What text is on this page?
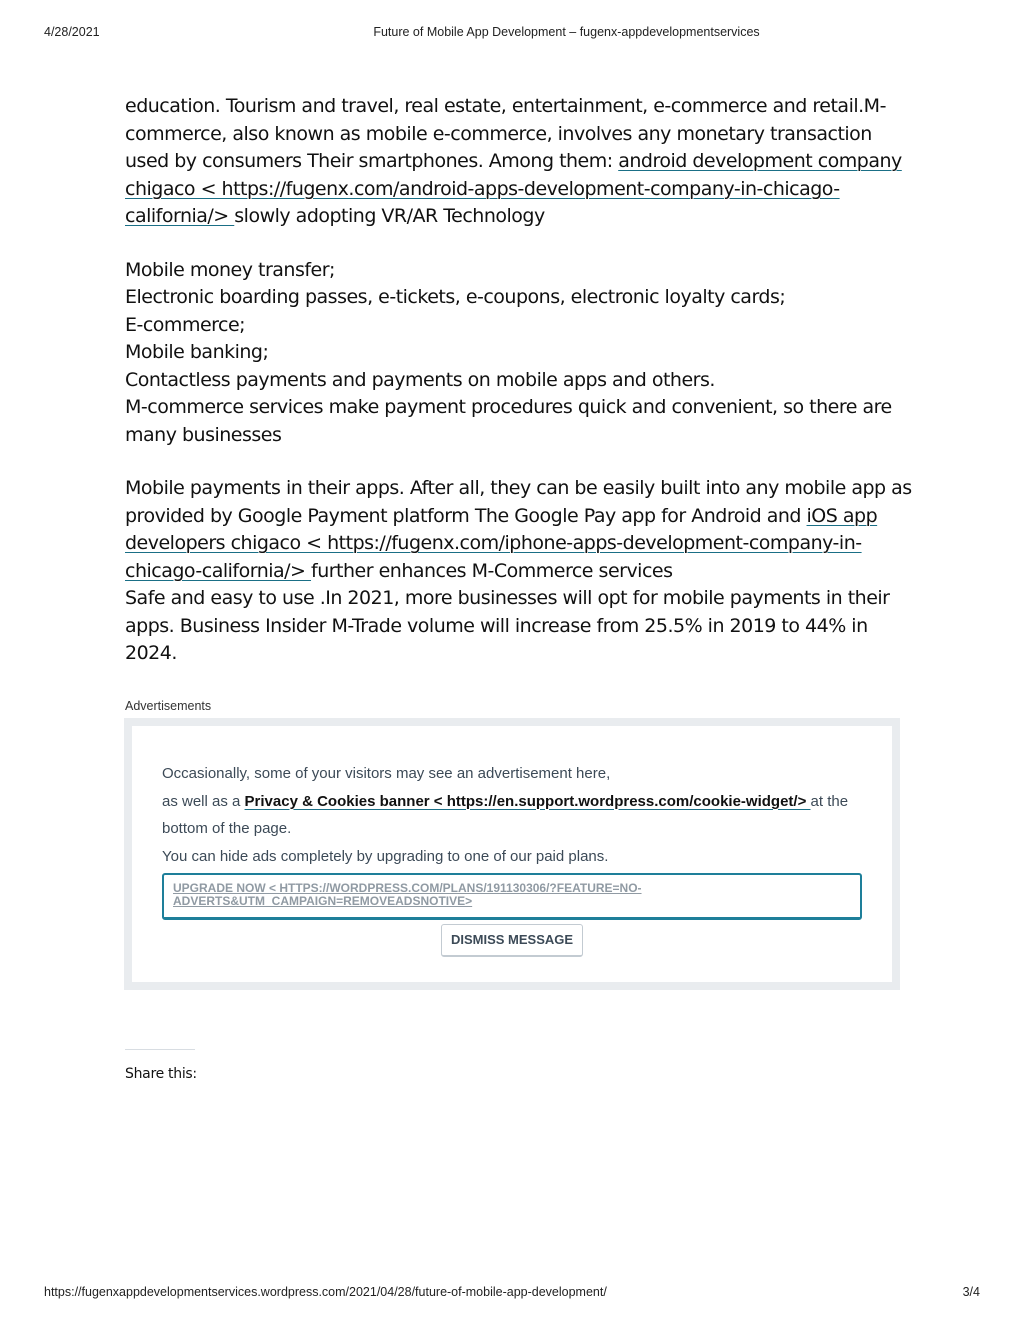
4/28/2021	Future of Mobile App Development – fugenx-appdevelopmentservices

education. Tourism and travel, real estate, entertainment, e-commerce and retail.M-commerce, also known as mobile e-commerce, involves any monetary transaction used by consumers Their smartphones. Among them: android development company chigaco < https://fugenx.com/android-apps-development-company-in-chicago-california/> slowly adopting VR/AR Technology

Mobile money transfer;
Electronic boarding passes, e-tickets, e-coupons, electronic loyalty cards;
E-commerce;
Mobile banking;
Contactless payments and payments on mobile apps and others.
M-commerce services make payment procedures quick and convenient, so there are many businesses

Mobile payments in their apps. After all, they can be easily built into any mobile app as provided by Google Payment platform The Google Pay app for Android and iOS app developers chigaco < https://fugenx.com/iphone-apps-development-company-in-chicago-california/> further enhances M-Commerce services
Safe and easy to use .In 2021, more businesses will opt for mobile payments in their apps. Business Insider M-Trade volume will increase from 25.5% in 2019 to 44% in 2024.

Advertisements
Occasionally, some of your visitors may see an advertisement here,
as well as a Privacy & Cookies banner < https://en.support.wordpress.com/cookie-widget/> at the bottom of the page.
You can hide ads completely by upgrading to one of our paid plans.
UPGRADE NOW < HTTPS://WORDPRESS.COM/PLANS/191130306/?FEATURE=NO-ADVERTS&UTM_CAMPAIGN=REMOVEADSNOTIVE>
DISMISS MESSAGE
Share this:
https://fugenxappdevelopmentservices.wordpress.com/2021/04/28/future-of-mobile-app-development/	3/4
